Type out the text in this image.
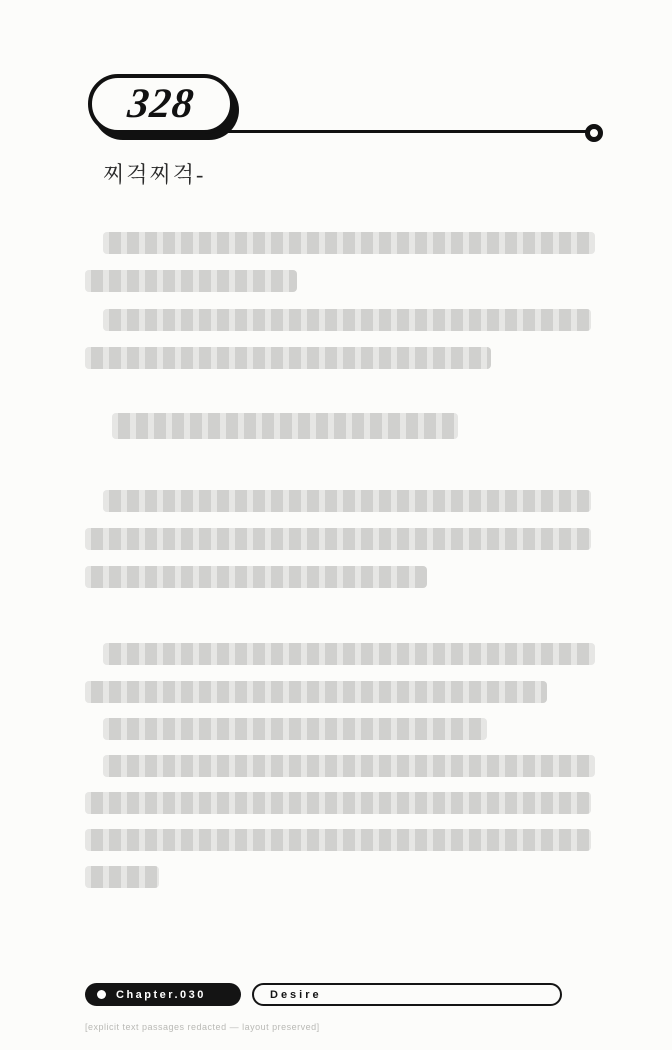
328
찌걱찌걱-
[explicit text passages redacted — layout preserved]
Chapter.030	Desire
